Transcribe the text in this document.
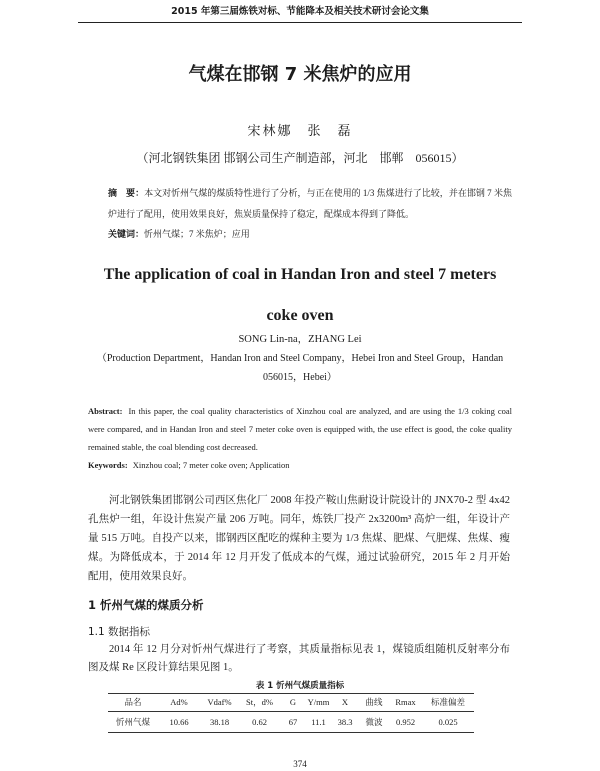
2015 年第三届炼铁对标、节能降本及相关技术研讨会论文集
气煤在邯钢 7 米焦炉的应用
宋林娜　张　磊
（河北钢铁集团 邯钢公司生产制造部，河北　邯郸　056015）

摘　要：本文对忻州气煤的煤质特性进行了分析，与正在使用的 1/3 焦煤进行了比较，并在邯钢 7 米焦炉进行了配用，使用效果良好，焦炭质量保持了稳定，配煤成本得到了降低。

关键词：忻州气煤；7 米焦炉；应用

The application of coal in Handan Iron and steel 7 meters
coke oven
SONG Lin-na，ZHANG Lei
（Production Department，Handan Iron and Steel Company，Hebei Iron and Steel Group，Handan
056015，Hebei）

Abstract: In this paper, the coal quality characteristics of Xinzhou coal are analyzed, and are using the 1/3 coking coal were compared, and in Handan Iron and steel 7 meter coke oven is equipped with, the use effect is good, the coke quality remained stable, the coal blending cost decreased.

Keywords: Xinzhou coal; 7 meter coke oven; Application

河北钢铁集团邯钢公司西区焦化厂 2008 年投产鞍山焦耐设计院设计的 JNX70-2 型 4x42 孔焦炉一组，年设计焦炭产量 206 万吨。同年，炼铁厂投产 2x3200m³ 高炉一组，年设计产量 515 万吨。自投产以来，邯钢西区配吃的煤种主要为 1/3 焦煤、肥煤、气肥煤、焦煤、瘦煤。为降低成本，于 2014 年 12 月开发了低成本的气煤，通过试验研究，2015 年 2 月开始配用，使用效果良好。

1 忻州气煤的煤质分析
1.1 数据指标

2014 年 12 月分对忻州气煤进行了考察，其质量指标见表 1，煤镜质组随机反射率分布图及煤 Re 区段计算结果见图 1。

表 1 忻州气煤质量指标
品名	Ad%	Vdaf%	St，d%	G	Y/mm	X	曲线	Rmax	标准偏差
忻州气煤	10.66	38.18	0.62	67	11.1	38.3	微波	0.952	0.025
374
